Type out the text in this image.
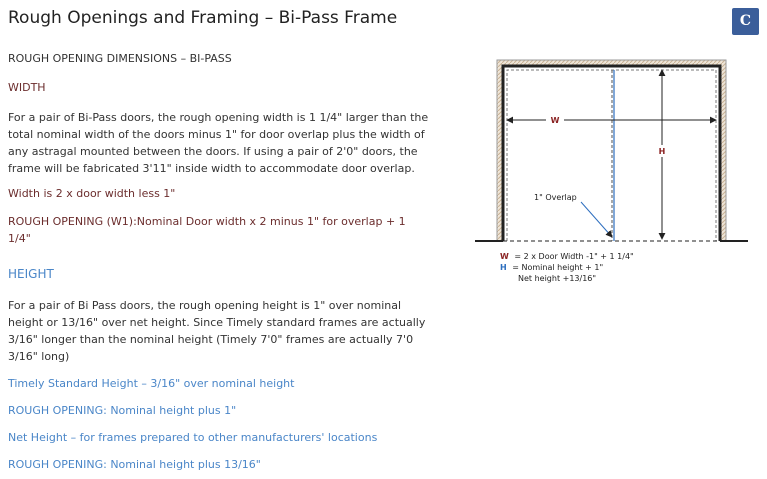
Rough Openings and Framing – Bi-Pass Frame	C

ROUGH OPENING DIMENSIONS – BI-PASS

WIDTH

For a pair of Bi-Pass doors, the rough opening width is 1 1/4" larger than the total nominal width of the doors minus 1" for door overlap plus the width of any astragal mounted between the doors. If using a pair of 2'0" doors, the frame will be fabricated 3'11" inside width to accommodate door overlap.

Width is 2 x door width less 1"

ROUGH OPENING (W1):Nominal Door width x 2 minus 1" for overlap + 1 1/4"

HEIGHT

For a pair of Bi Pass doors, the rough opening height is 1" over nominal height or 13/16" over net height. Since Timely standard frames are actually 3/16" longer than the nominal height (Timely 7'0" frames are actually 7'0 3/16" long)

Timely Standard Height – 3/16" over nominal height

ROUGH OPENING: Nominal height plus 1"

Net Height – for frames prepared to other manufacturers' locations

ROUGH OPENING: Nominal height plus 13/16"

W
H
1" Overlap
W = 2 x Door Width -1" + 1 1/4"
H = Nominal height + 1"
Net height +13/16"
